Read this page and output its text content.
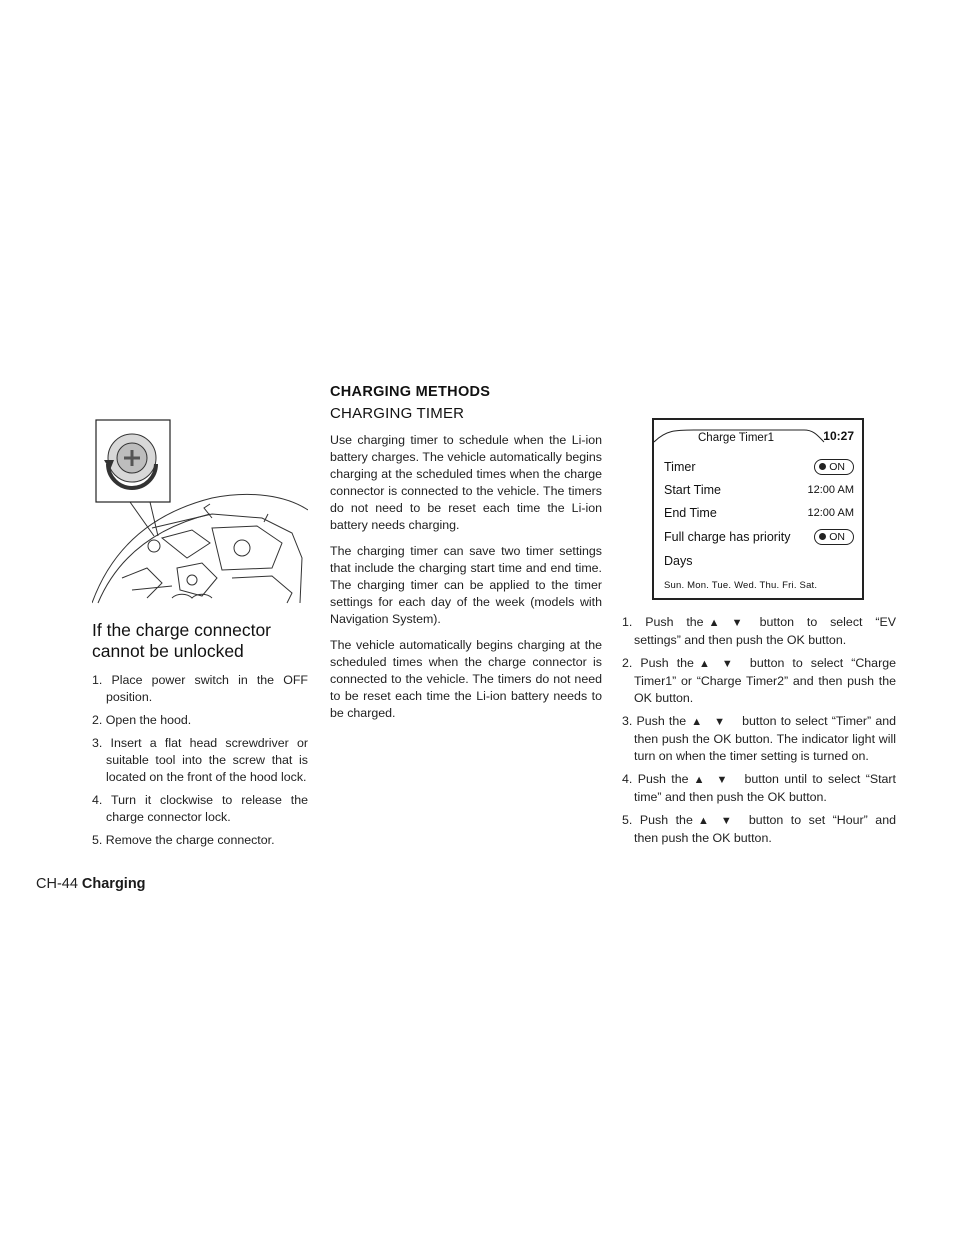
If the charge connector cannot be unlocked
1. Place power switch in the OFF position.
2. Open the hood.
3. Insert a flat head screwdriver or suitable tool into the screw that is located on the front of the hood lock.
4. Turn it clockwise to release the charge connector lock.
5. Remove the charge connector.
CHARGING METHODS
CHARGING TIMER

Use charging timer to schedule when the Li-ion battery charges. The vehicle automatically begins charging at the scheduled times when the charge connector is connected to the vehicle. The timers do not need to be reset each time the Li-ion battery needs charging.

The charging timer can save two timer settings that include the charging start time and end time. The charging timer can be applied to the timer settings for each day of the week (models with Navigation System).

The vehicle automatically begins charging at the scheduled times when the charge connector is connected to the vehicle. The timers do not need to be reset each time the Li-ion battery needs to be charged.

Charge Timer1	10:27
Timer	ON
Start Time	12:00 AM
End Time	12:00 AM
Full charge has priority	ON
Days
Sun. Mon. Tue. Wed. Thu. Fri. Sat.
1. Push the ▲▼ button to select “EV settings” and then push the OK button.
2. Push the ▲▼ button to select “Charge Timer1” or “Charge Timer2” and then push the OK button.
3. Push the ▲▼ button to select “Timer” and then push the OK button. The indicator light will turn on when the timer setting is turned on.
4. Push the ▲▼ button until to select “Start time” and then push the OK button.
5. Push the ▲▼ button to set “Hour” and then push the OK button.
CH-44 Charging
